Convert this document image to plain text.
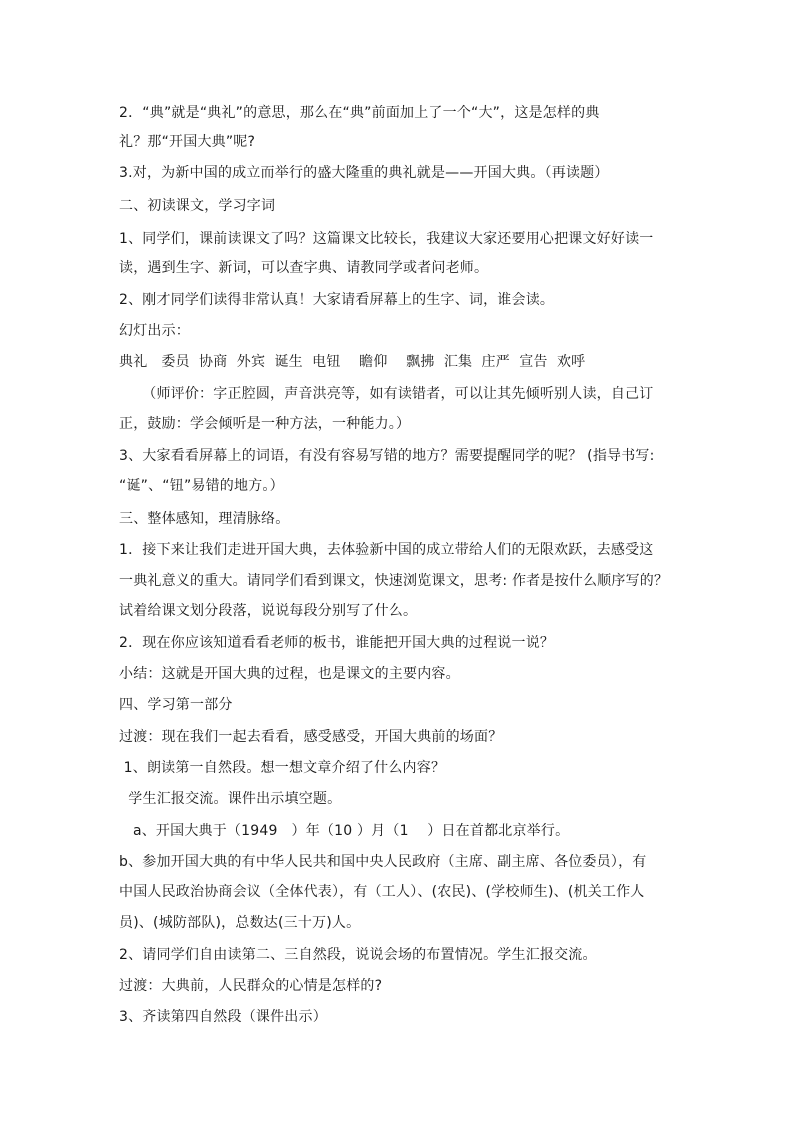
2．“典”就是“典礼”的意思，那么在“典”前面加上了一个“大”，这是怎样的典
礼？那“开国大典”呢?
3.对，为新中国的成立而举行的盛大隆重的典礼就是——开国大典。（再读题）
二、初读课文，学习字词
1、同学们，课前读课文了吗？这篇课文比较长，我建议大家还要用心把课文好好读一
读，遇到生字、新词，可以查字典、请教同学或者问老师。
2、刚才同学们读得非常认真！大家请看屏幕上的生字、词，谁会读。
幻灯出示：
典礼   委员  协商  外宾  诞生  电钮    瞻仰    飘拂  汇集  庄严  宣告  欢呼
（师评价：字正腔圆，声音洪亮等，如有读错者，可以让其先倾听别人读，自己订
正，鼓励：学会倾听是一种方法，一种能力。）
3、大家看看屏幕上的词语，有没有容易写错的地方？需要提醒同学的呢？ (指导书写:
“诞”、“钮”易错的地方。）
三、整体感知，理清脉络。
1．接下来让我们走进开国大典，去体验新中国的成立带给人们的无限欢跃，去感受这
一典礼意义的重大。请同学们看到课文，快速浏览课文，思考: 作者是按什么顺序写的？
试着给课文划分段落，说说每段分别写了什么。
2．现在你应该知道看看老师的板书，谁能把开国大典的过程说一说？
小结：这就是开国大典的过程，也是课文的主要内容。
四、学习第一部分
过渡：现在我们一起去看看，感受感受，开国大典前的场面？
1、朗读第一自然段。想一想文章介绍了什么内容？
学生汇报交流。课件出示填空题。
a、开国大典于（1949   ）年（10 ）月（1    ）日在首都北京举行。
b、参加开国大典的有中华人民共和国中央人民政府（主席、副主席、各位委员），有
中国人民政治协商会议（全体代表），有（工人）、(农民)、(学校师生)、(机关工作人
员)、(城防部队)，总数达(三十万)人。
2、请同学们自由读第二、三自然段，说说会场的布置情况。学生汇报交流。
过渡：大典前，人民群众的心情是怎样的?
3、齐读第四自然段（课件出示）
